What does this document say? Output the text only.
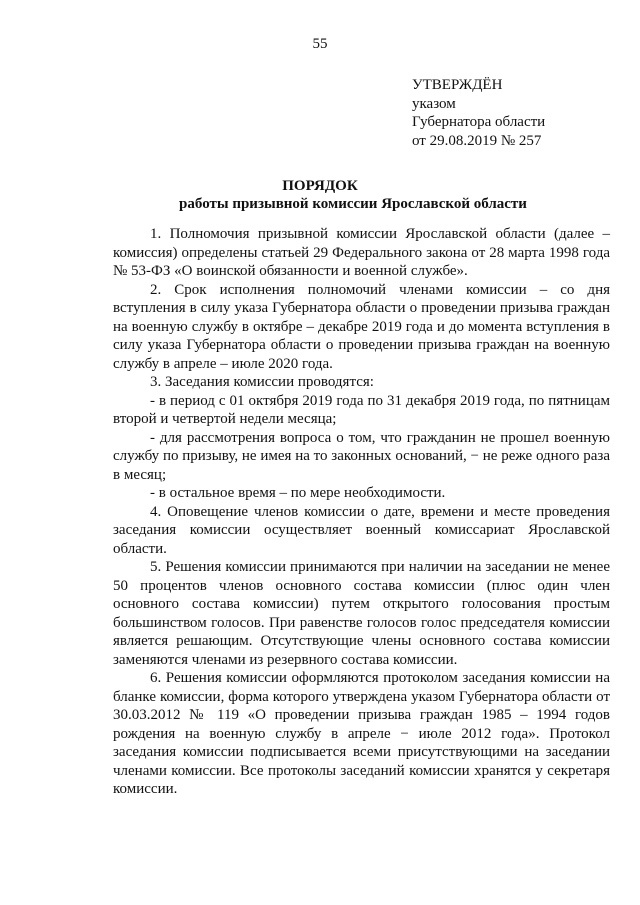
55
УТВЕРЖДЁН
указом
Губернатора области
от 29.08.2019 № 257
ПОРЯДОК
работы призывной комиссии Ярославской области

1. Полномочия призывной комиссии Ярославской области (далее – комиссия) определены статьей 29 Федерального закона от 28 марта 1998 года № 53-ФЗ «О воинской обязанности и военной службе».

2. Срок исполнения полномочий членами комиссии – со дня вступления в силу указа Губернатора области о проведении призыва граждан на военную службу в октябре – декабре 2019 года и до момента вступления в силу указа Губернатора области о проведении призыва граждан на военную службу в апреле – июле 2020 года.

3. Заседания комиссии проводятся:

- в период с 01 октября 2019 года по 31 декабря 2019 года, по пятницам второй и четвертой недели месяца;

- для рассмотрения вопроса о том, что гражданин не прошел военную службу по призыву, не имея на то законных оснований, − не реже одного раза в месяц;

- в остальное время – по мере необходимости.

4. Оповещение членов комиссии о дате, времени и месте проведения заседания комиссии осуществляет военный комиссариат Ярославской области.

5. Решения комиссии принимаются при наличии на заседании не менее 50 процентов членов основного состава комиссии (плюс один член основного состава комиссии) путем открытого голосования простым большинством голосов. При равенстве голосов голос председателя комиссии является решающим. Отсутствующие члены основного состава комиссии заменяются членами из резервного состава комиссии.

6. Решения комиссии оформляются протоколом заседания комиссии на бланке комиссии, форма которого утверждена указом Губернатора области от 30.03.2012 № 119 «О проведении призыва граждан 1985 – 1994 годов рождения на военную службу в апреле − июле 2012 года». Протокол заседания комиссии подписывается всеми присутствующими на заседании членами комиссии. Все протоколы заседаний комиссии хранятся у секретаря комиссии.
